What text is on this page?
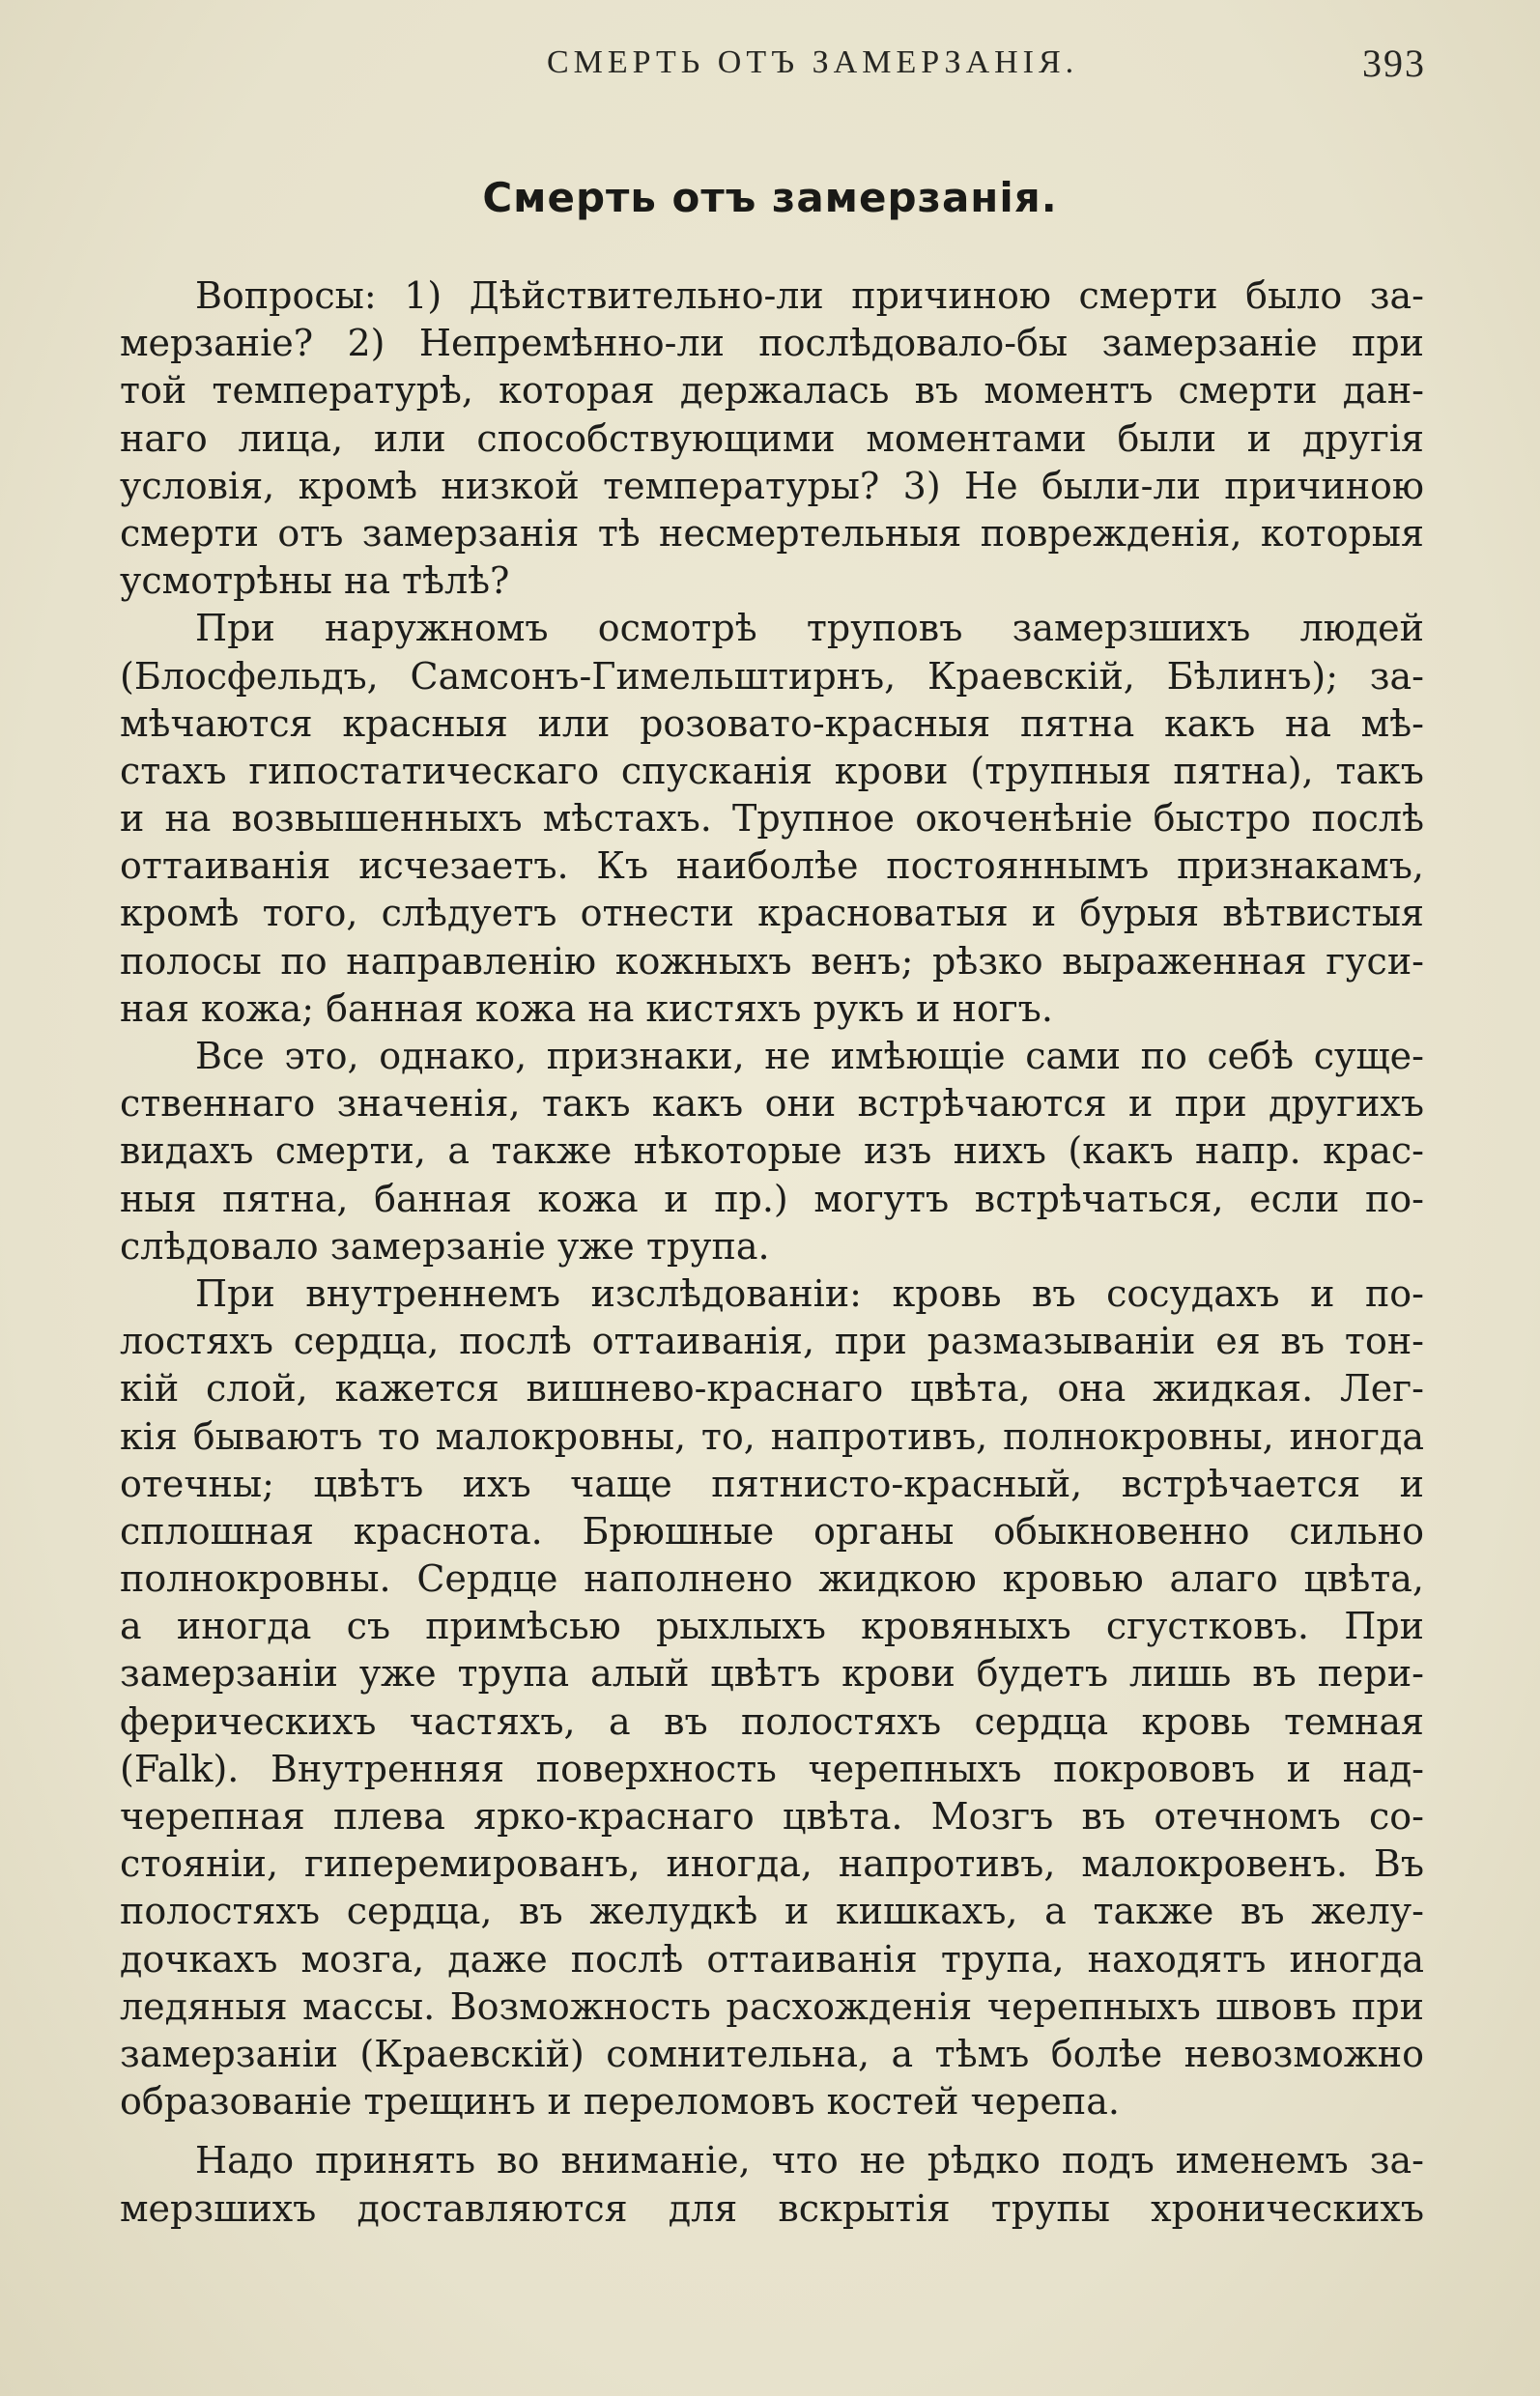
СМЕРТЬ ОТЪ ЗАМЕРЗАНІЯ.	393
Смерть отъ замерзанія.
Вопросы: 1) Дѣйствительно-ли причиною смерти было за-
мерзаніе? 2) Непремѣнно-ли послѣдовало-бы замерзаніе при
той температурѣ, которая держалась въ моментъ смерти дан-
наго лица, или способствующими моментами были и другія
условія, кромѣ низкой температуры? 3) Не были-ли причиною
смерти отъ замерзанія тѣ несмертельныя поврежденія, которыя
усмотрѣны на тѣлѣ?
При наружномъ осмотрѣ труповъ замерзшихъ людей
(Блосфельдъ, Самсонъ-Гимельштирнъ, Краевскій, Бѣлинъ); за-
мѣчаются красныя или розовато-красныя пятна какъ на мѣ-
стахъ гипостатическаго спусканія крови (трупныя пятна), такъ
и на возвышенныхъ мѣстахъ. Трупное окоченѣніе быстро послѣ
оттаиванія исчезаетъ. Къ наиболѣе постояннымъ признакамъ,
кромѣ того, слѣдуетъ отнести красноватыя и бурыя вѣтвистыя
полосы по направленію кожныхъ венъ; рѣзко выраженная гуси-
ная кожа; банная кожа на кистяхъ рукъ и ногъ.
Все это, однако, признаки, не имѣющіе сами по себѣ суще-
ственнаго значенія, такъ какъ они встрѣчаются и при другихъ
видахъ смерти, а также нѣкоторые изъ нихъ (какъ напр. крас-
ныя пятна, банная кожа и пр.) могутъ встрѣчаться, если по-
слѣдовало замерзаніе уже трупа.
При внутреннемъ изслѣдованіи: кровь въ сосудахъ и по-
лостяхъ сердца, послѣ оттаиванія, при размазываніи ея въ тон-
кій слой, кажется вишнево-краснаго цвѣта, она жидкая. Лег-
кія бываютъ то малокровны, то, напротивъ, полнокровны, иногда
отечны; цвѣтъ ихъ чаще пятнисто-красный, встрѣчается и
сплошная краснота. Брюшные органы обыкновенно сильно
полнокровны. Сердце наполнено жидкою кровью алаго цвѣта,
а иногда съ примѣсью рыхлыхъ кровяныхъ сгустковъ. При
замерзаніи уже трупа алый цвѣтъ крови будетъ лишь въ пери-
ферическихъ частяхъ, а въ полостяхъ сердца кровь темная
(Falk). Внутренняя поверхность черепныхъ покрововъ и над-
черепная плева ярко-краснаго цвѣта. Мозгъ въ отечномъ со-
стояніи, гиперемированъ, иногда, напротивъ, малокровенъ. Въ
полостяхъ сердца, въ желудкѣ и кишкахъ, а также въ желу-
дочкахъ мозга, даже послѣ оттаиванія трупа, находятъ иногда
ледяныя массы. Возможность расхожденія черепныхъ швовъ при
замерзаніи (Краевскій) сомнительна, а тѣмъ болѣе невозможно
образованіе трещинъ и переломовъ костей черепа.
Надо принять во вниманіе, что не рѣдко подъ именемъ за-
мерзшихъ доставляются для вскрытія трупы хроническихъ
